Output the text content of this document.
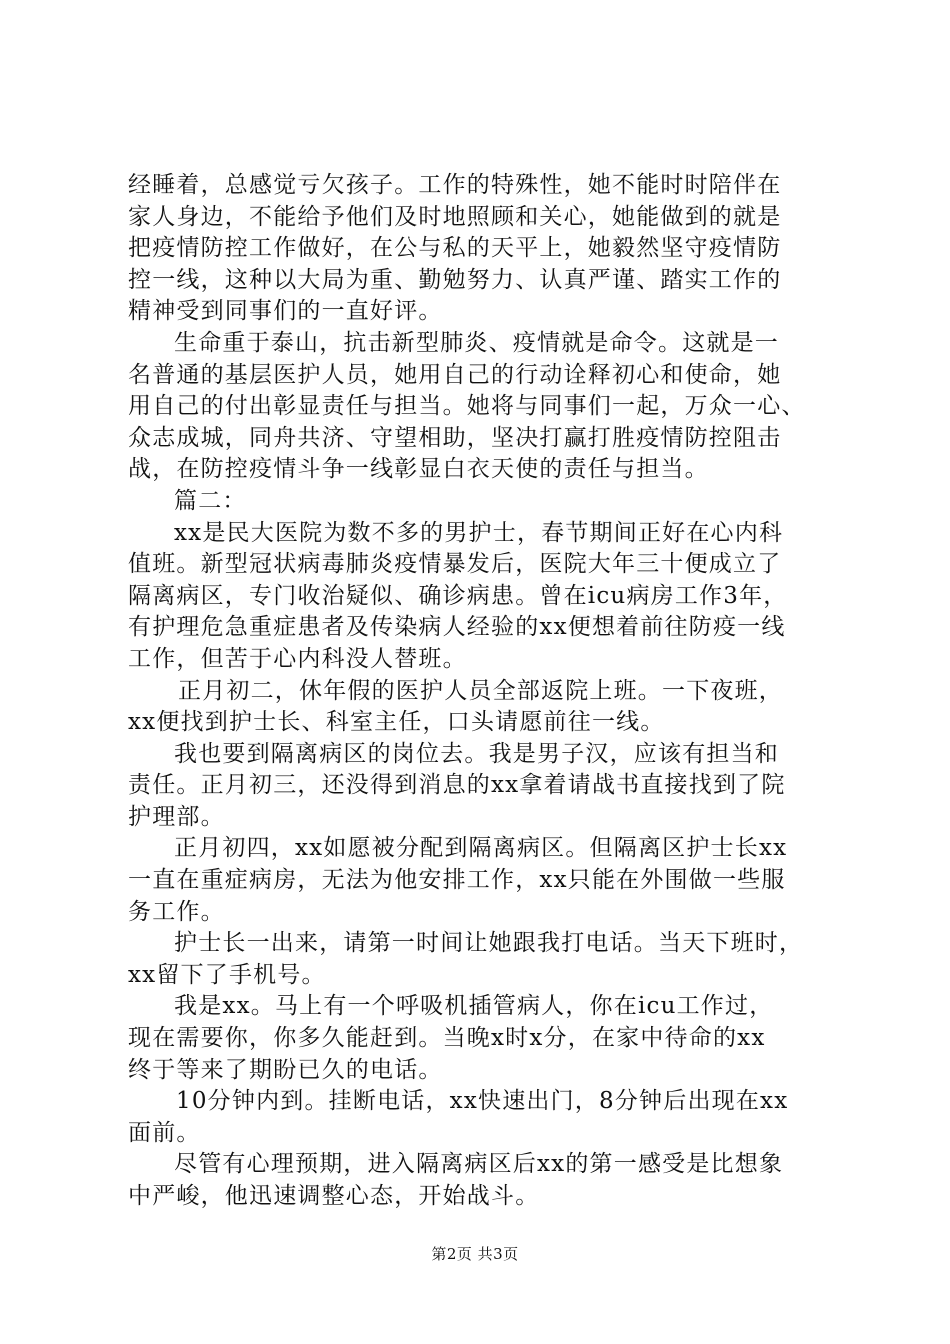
经睡着，总感觉亏欠孩子。工作的特殊性，她不能时时陪伴在
家人身边，不能给予他们及时地照顾和关心，她能做到的就是
把疫情防控工作做好，在公与私的天平上，她毅然坚守疫情防
控一线，这种以大局为重、勤勉努力、认真严谨、踏实工作的
精神受到同事们的一直好评。
生命重于泰山，抗击新型肺炎、疫情就是命令。这就是一
名普通的基层医护人员，她用自己的行动诠释初心和使命，她
用自己的付出彰显责任与担当。她将与同事们一起，万众一心、
众志成城，同舟共济、守望相助，坚决打赢打胜疫情防控阻击
战，在防控疫情斗争一线彰显白衣天使的责任与担当。
篇二：
xx是民大医院为数不多的男护士，春节期间正好在心内科
值班。新型冠状病毒肺炎疫情暴发后，医院大年三十便成立了
隔离病区，专门收治疑似、确诊病患。曾在icu病房工作3年，
有护理危急重症患者及传染病人经验的xx便想着前往防疫一线
工作，但苦于心内科没人替班。
正月初二，休年假的医护人员全部返院上班。一下夜班，
xx便找到护士长、科室主任，口头请愿前往一线。
我也要到隔离病区的岗位去。我是男子汉，应该有担当和
责任。正月初三，还没得到消息的xx拿着请战书直接找到了院
护理部。
正月初四，xx如愿被分配到隔离病区。但隔离区护士长xx
一直在重症病房，无法为他安排工作，xx只能在外围做一些服
务工作。
护士长一出来，请第一时间让她跟我打电话。当天下班时，
xx留下了手机号。
我是xx。马上有一个呼吸机插管病人，你在icu工作过，
现在需要你，你多久能赶到。当晚x时x分，在家中待命的xx
终于等来了期盼已久的电话。
10分钟内到。挂断电话，xx快速出门，8分钟后出现在xx
面前。
尽管有心理预期，进入隔离病区后xx的第一感受是比想象
中严峻，他迅速调整心态，开始战斗。
第2页 共3页
